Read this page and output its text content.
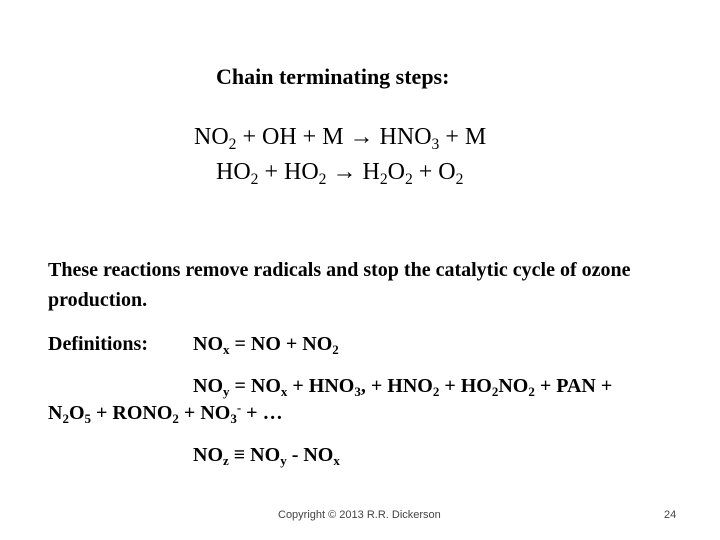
Chain terminating steps:
$NO_2$ + OH + $M \to HNO_3 + M$
$HO_2 + HO_2 \to H_2O_2 + O_2$
These reactions remove radicals and stop the catalytic cycle of ozone production.
Definitions: $NO_x$ = NO + $NO_2$
$NO_y = NO_x + HNO_3$, + $HNO_2 + HO_2NO_2$ + PAN +
$N_2O_5$ + $RONO_2 + NO_3^-$ + …
$NO_z \equiv NO_y - NO_x$
Copyright © 2013 R.R. Dickerson	24
